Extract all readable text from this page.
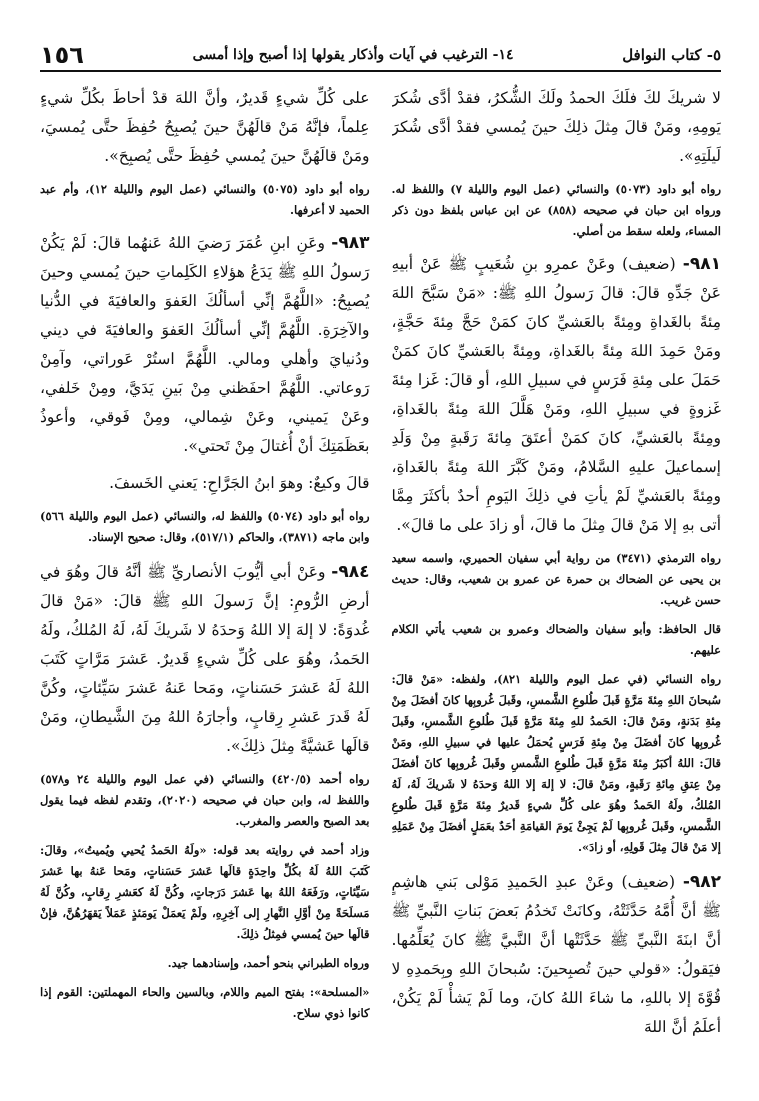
٥- كتاب النوافل
١٤- الترغيب في آيات وأذكار يقولها إذا أصبح وإذا أمسى
١٥٦

لا شريكَ لكَ فلَكَ الحمدُ ولَكَ الشُّكرُ، فقدْ أدَّى شُكرَ يَومِهِ، ومَنْ قالَ مِثلَ ذلِكَ حينَ يُمسي فقدْ أدَّى شُكرَ لَيلَتِهِ».

رواه أبو داود (٥٠٧٣) والنسائي (عمل اليوم والليلة ٧) واللفظ له. ورواه ابن حبان في صحيحه (٨٥٨) عن ابن عباس بلفظ دون ذكر المساء، ولعله سقط من أصلي.

٩٨١- (ضعيف) وعَنْ عمرِو بنِ شُعَيبٍ ﷺ عَنْ أبيهِ عَنْ جَدِّهِ قالَ: قالَ رَسولُ اللهِ ﷺ: «مَنْ سَبَّحَ اللهَ مِئةً بالغَداةِ ومِئةً بالعَشيِّ كانَ كمَنْ حَجَّ مِئةَ حَجَّةٍ، ومَنْ حَمِدَ اللهَ مِئةً بالغَداةِ، ومِئةً بالعَشيِّ كانَ كمَنْ حَمَلَ على مِئةِ فَرَسٍ في سبيلِ اللهِ، أو قالَ: غَزا مِئةَ غَزوةٍ في سبيلِ اللهِ، ومَنْ هَلَّلَ اللهَ مِئةً بالغَداةِ، ومِئةً بالعَشيِّ، كانَ كمَنْ أعتَقَ مِائةَ رَقَبةٍ مِنْ وَلَدِ إسماعيلَ عليهِ السَّلامُ، ومَنْ كَبَّرَ اللهَ مِئةً بالغَداةِ، ومِئةً بالعَشيِّ لَمْ يأتِ في ذلِكَ اليَومِ أحدٌ بأكثَرَ مِمَّا أتى بهِ إلا مَنْ قالَ مِثلَ ما قالَ، أو زادَ على ما قالَ».

رواه الترمذي (٣٤٧١) من رواية أبي سفيان الحميري، واسمه سعيد بن يحيى عن الضحاك بن حمرة عن عمرو بن شعيب، وقال: حديث حسن غريب.

قال الحافظ: وأبو سفيان والضحاك وعمرو بن شعيب يأتي الكلام عليهم.

رواه النسائي (في عمل اليوم والليلة ٨٢١)، ولفظه: «مَنْ قالَ: سُبحانَ اللهِ مِئةَ مَرَّةٍ قَبلَ طُلوعِ الشَّمسِ، وقَبلَ غُروبِها كانَ أفضَلَ مِنْ مِئةِ بَدَنةٍ، ومَنْ قالَ: الحَمدُ للهِ مِئةَ مَرَّةٍ قَبلَ طُلوعِ الشَّمسِ، وقَبلَ غُروبِها كانَ أفضَلَ مِنْ مِئةِ فَرَسٍ يُحمَلُ عليها في سبيلِ اللهِ، ومَنْ قالَ: اللهُ أكبَرُ مِئةَ مَرَّةٍ قَبلَ طُلوعِ الشَّمسِ وقَبلَ غُروبِها كانَ أفضَلَ مِنْ عِتقِ مِائةِ رَقَبةٍ، ومَنْ قالَ: لا إلهَ إلا اللهُ وَحدَهُ لا شَريكَ لَهُ، لَهُ المُلكُ، ولَهُ الحَمدُ وهُوَ على كُلِّ شيءٍ قَديرٌ مِئةَ مَرَّةٍ قَبلَ طُلوعِ الشَّمسِ، وقَبلَ غُروبِها لَمْ يَجِئْ يَومَ القيامَةِ أحَدٌ بعَمَلٍ أفضَلَ مِنْ عَمَلِهِ إلا مَنْ قالَ مِثلَ قَولِهِ، أو زادَ».

٩٨٢- (ضعيف) وعَنْ عبدِ الحَميدِ مَوْلى بَني هاشِمٍ ﷺ أنَّ أُمَّهُ حَدَّثَتْهُ، وكانَتْ تَخدُمُ بَعضَ بَناتِ النَّبيِّ ﷺ أنَّ ابنَةَ النَّبيِّ ﷺ حَدَّثَتْها أنَّ النَّبيَّ ﷺ كانَ يُعَلِّمُها. فيَقولُ: «قولي حينَ تُصبِحينَ: سُبحانَ اللهِ وبِحَمدِهِ لا قُوَّةَ إلا باللهِ، ما شاءَ اللهُ كانَ، وما لَمْ يَشأْ لَمْ يَكُنْ، أعلَمُ أنَّ اللهَ

على كُلِّ شيءٍ قَديرٌ، وأنَّ اللهَ قدْ أحاطَ بكُلِّ شيءٍ عِلماً، فإنَّهُ مَنْ قالَهُنَّ حينَ يُصبِحُ حُفِظَ حتَّى يُمسيَ، ومَنْ قالَهُنَّ حينَ يُمسي حُفِظَ حتَّى يُصبِحَ».

رواه أبو داود (٥٠٧٥) والنسائي (عمل اليوم والليلة ١٢)، وأم عبد الحميد لا أعرفها.

٩٨٣- وعَنِ ابنِ عُمَرَ رَضيَ اللهُ عَنهُما قالَ: لَمْ يَكُنْ رَسولُ اللهِ ﷺ يَدَعُ هؤلاءِ الكَلِماتِ حينَ يُمسي وحينَ يُصبِحُ: «اللَّهُمَّ إنِّي أسألُكَ العَفوَ والعافيَةَ في الدُّنيا والآخِرَةِ. اللَّهُمَّ إنِّي أسألُكَ العَفوَ والعافيَةَ في ديني ودُنيايَ وأهلي ومالي. اللَّهُمَّ استُرْ عَوراتي، وآمِنْ رَوعاتي. اللَّهُمَّ احفَظني مِنْ بَينِ يَدَيَّ، ومِنْ خَلفي، وعَنْ يَميني، وعَنْ شِمالي، ومِنْ فَوقي، وأعوذُ بعَظَمَتِكَ أنْ أُغتالَ مِنْ تَحتي».

قالَ وكيعٌ: وهوَ ابنُ الجَرَّاحِ: يَعني الخَسفَ.

رواه أبو داود (٥٠٧٤) واللفظ له، والنسائي (عمل اليوم والليلة ٥٦٦) وابن ماجه (٣٨٧١)، والحاكم (٥١٧/١)، وقال: صحيح الإسناد.

٩٨٤- وعَنْ أبي أيُّوبَ الأنصاريِّ ﷺ أنَّهُ قالَ وهُوَ في أرضِ الرُّومِ: إنَّ رَسولَ اللهِ ﷺ قالَ: «مَنْ قالَ غُدوَةً: لا إلهَ إلا اللهُ وَحدَهُ لا شَريكَ لَهُ، لَهُ المُلكُ، ولَهُ الحَمدُ، وهُوَ على كُلِّ شيءٍ قَديرٌ. عَشرَ مَرَّاتٍ كَتَبَ اللهُ لَهُ عَشرَ حَسَناتٍ، ومَحا عَنهُ عَشرَ سَيِّئاتٍ، وكُنَّ لَهُ قَدرَ عَشرِ رِقابٍ، وأجارَهُ اللهُ مِنَ الشَّيطانِ، ومَنْ قالَها عَشيَّةً مِثلَ ذلِكَ».

رواه أحمد (٤٢٠/٥) والنسائي (في عمل اليوم والليلة ٢٤ و٥٧٨) واللفظ له، وابن حبان في صحيحه (٢٠٢٠)، وتقدم لفظه فيما يقول بعد الصبح والعصر والمغرب.

وزاد أحمد في روايته بعد قوله: «ولَهُ الحَمدُ يُحيي ويُميتُ»، وقالَ: كَتَبَ اللهُ لَهُ بكُلِّ واحِدَةٍ قالَها عَشرَ حَسَناتٍ، ومَحا عَنهُ بها عَشرَ سَيِّئاتٍ، ورَفَعَهُ اللهُ بها عَشرَ دَرَجاتٍ، وكُنَّ لَهُ كعَشرِ رِقابٍ، وكُنَّ لَهُ مَسلَحَةً مِنْ أوَّلِ النَّهارِ إلى آخِرِهِ، ولَمْ يَعمَلْ يَومَئذٍ عَمَلاً يَقهَرُهُنَّ، فإنْ قالَها حينَ يُمسي فمِثلُ ذلِكَ.

ورواه الطبراني بنحو أحمد، وإسنادهما جيد.

«المسلحة»: بفتح الميم واللام، وبالسين والحاء المهملتين: القوم إذا كانوا ذوي سلاح.
